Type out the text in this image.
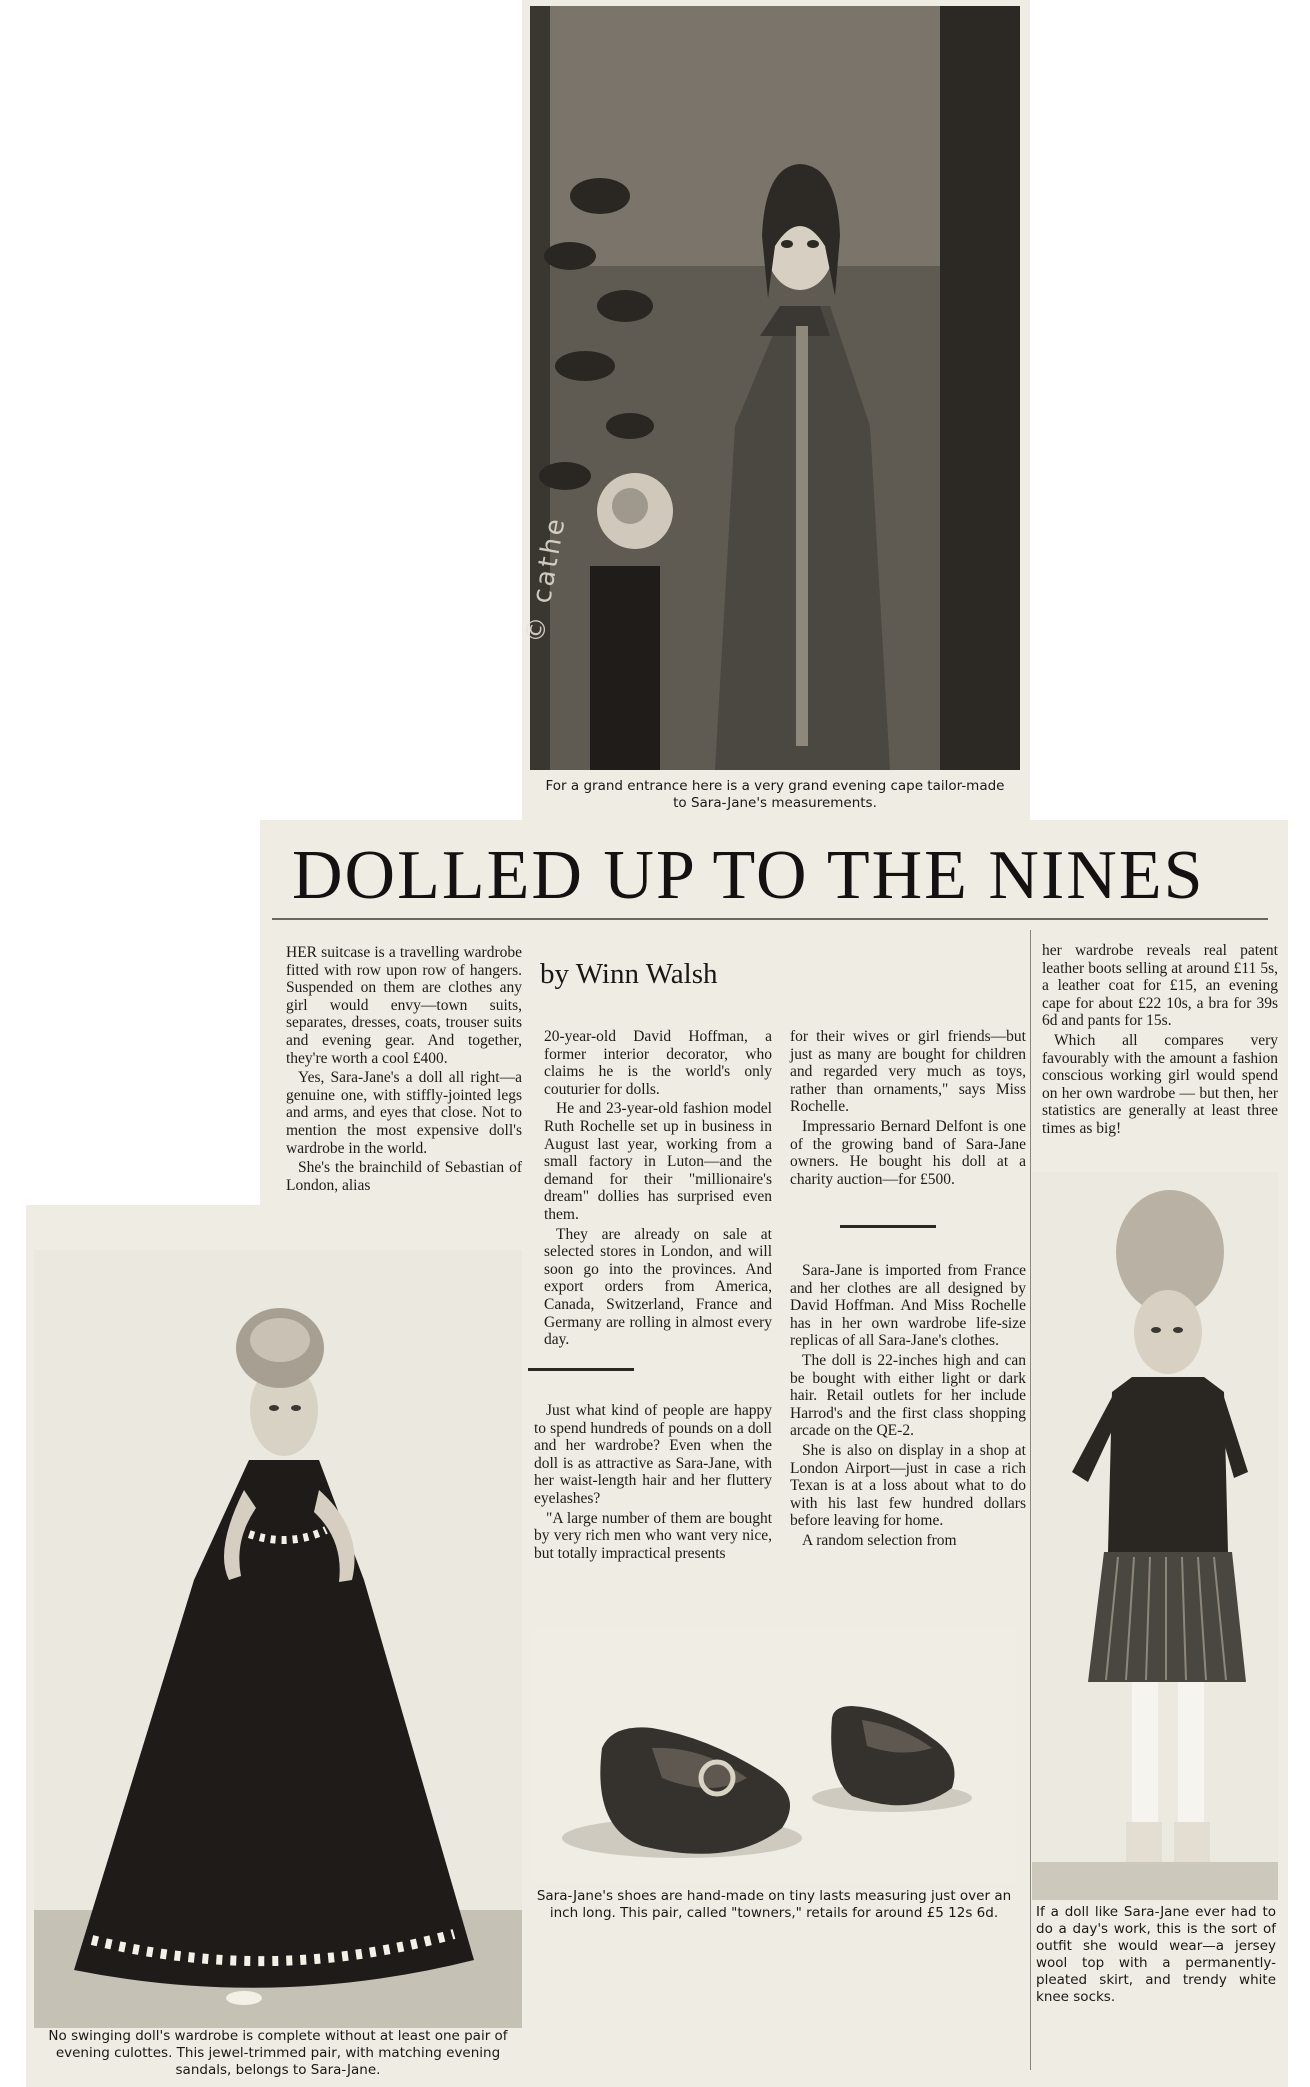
For a grand entrance here is a very grand evening cape tailor-made to Sara-Jane's measurements.

DOLLED UP TO THE NINES

by Winn Walsh

HER suitcase is a travelling wardrobe fitted with row upon row of hangers. Suspended on them are clothes any girl would envy—town suits, separates, dresses, coats, trouser suits and evening gear. And together, they're worth a cool £400.

Yes, Sara-Jane's a doll all right—a genuine one, with stiffly-jointed legs and arms, and eyes that close. Not to mention the most expensive doll's wardrobe in the world.

She's the brainchild of Sebastian of London, alias

20-year-old David Hoffman, a former interior decorator, who claims he is the world's only couturier for dolls.

He and 23-year-old fashion model Ruth Rochelle set up in business in August last year, working from a small factory in Luton—and the demand for their "millionaire's dream" dollies has surprised even them.

They are already on sale at selected stores in London, and will soon go into the provinces. And export orders from America, Canada, Switzerland, France and Germany are rolling in almost every day.

Just what kind of people are happy to spend hundreds of pounds on a doll and her wardrobe? Even when the doll is as attractive as Sara-Jane, with her waist-length hair and her fluttery eyelashes?

"A large number of them are bought by very rich men who want very nice, but totally impractical presents

for their wives or girl friends—but just as many are bought for children and regarded very much as toys, rather than ornaments," says Miss Rochelle.

Impressario Bernard Delfont is one of the growing band of Sara-Jane owners. He bought his doll at a charity auction—for £500.

Sara-Jane is imported from France and her clothes are all designed by David Hoffman. And Miss Rochelle has in her own wardrobe life-size replicas of all Sara-Jane's clothes.

The doll is 22-inches high and can be bought with either light or dark hair. Retail outlets for her include Harrod's and the first class shopping arcade on the QE-2.

She is also on display in a shop at London Airport—just in case a rich Texan is at a loss about what to do with his last few hundred dollars before leaving for home.

A random selection from

her wardrobe reveals real patent leather boots selling at around £11 5s, a leather coat for £15, an evening cape for about £22 10s, a bra for 39s 6d and pants for 15s.

Which all compares very favourably with the amount a fashion conscious working girl would spend on her own wardrobe — but then, her statistics are generally at least three times as big!

No swinging doll's wardrobe is complete without at least one pair of evening culottes. This jewel-trimmed pair, with matching evening sandals, belongs to Sara-Jane.

Sara-Jane's shoes are hand-made on tiny lasts measuring just over an inch long. This pair, called "towners," retails for around £5 12s 6d.	If a doll like Sara-Jane ever had to do a day's work, this is the sort of outfit she would wear—a jersey wool top with a permanently-pleated skirt, and trendy white knee socks.

© cathe
